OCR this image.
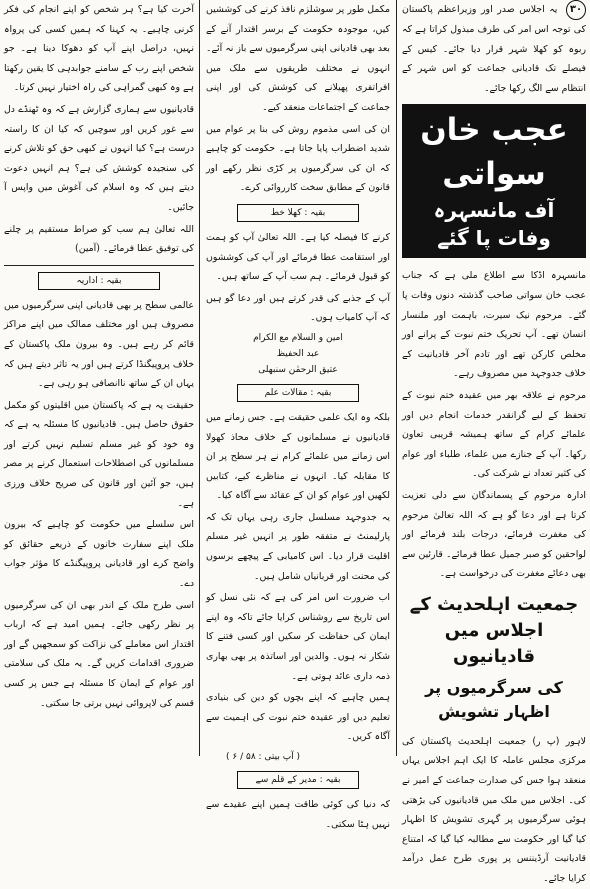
۳۰ یہ اجلاس صدر اور وزیراعظم پاکستان کی توجہ اس امر کی طرف مبذول کراتا ہے کہ ربوہ کو کھلا شہر قرار دیا جائے۔ کیس کے فیصلے تک قادیانی جماعت کو اس شہر کے انتظام سے الگ رکھا جائے۔

عجب خان سواتی
آف مانسہرہ وفات پا گئے

مانسہرہ اڈکا سے اطلاع ملی ہے کہ جناب عجب خان سواتی صاحب گذشتہ دنوں وفات پا گئے۔ مرحوم نیک سیرت، باہمت اور ملنسار انسان تھے۔ آپ تحریک ختم نبوت کے پرانے اور مخلص کارکن تھے اور تادم آخر قادیانیت کے خلاف جدوجہد میں مصروف رہے۔

مرحوم نے علاقہ بھر میں عقیدہ ختم نبوت کے تحفظ کے لیے گرانقدر خدمات انجام دیں اور علمائے کرام کے ساتھ ہمیشہ قریبی تعاون رکھا۔ آپ کے جنازے میں علماء، طلباء اور عوام کی کثیر تعداد نے شرکت کی۔

ادارہ مرحوم کے پسماندگان سے دلی تعزیت کرتا ہے اور دعا گو ہے کہ اللہ تعالیٰ مرحوم کی مغفرت فرمائے، درجات بلند فرمائے اور لواحقین کو صبر جمیل عطا فرمائے۔ قارئین سے بھی دعائے مغفرت کی درخواست ہے۔

جمعیت اہلحدیث کے اجلاس میں قادیانیوں
کی سرگرمیوں پر اظہار تشویش

لاہور (پ ر) جمعیت اہلحدیث پاکستان کی مرکزی مجلس عاملہ کا ایک اہم اجلاس یہاں منعقد ہوا جس کی صدارت جماعت کے امیر نے کی۔ اجلاس میں ملک میں قادیانیوں کی بڑھتی ہوئی سرگرمیوں پر گہری تشویش کا اظہار کیا گیا اور حکومت سے مطالبہ کیا گیا کہ امتناع قادیانیت آرڈیننس پر پوری طرح عمل درآمد کرایا جائے۔

مکمل طور پر سوشلزم نافذ کرنے کی کوششیں کیں، موجودہ حکومت کے برسر اقتدار آنے کے بعد بھی قادیانی اپنی سرگرمیوں سے باز نہ آئے۔ انہوں نے مختلف طریقوں سے ملک میں افراتفری پھیلانے کی کوشش کی اور اپنی جماعت کے اجتماعات منعقد کیے۔

ان کی اسی مذموم روش کی بنا پر عوام میں شدید اضطراب پایا جاتا ہے۔ حکومت کو چاہیے کہ ان کی سرگرمیوں پر کڑی نظر رکھے اور قانون کے مطابق سخت کارروائی کرے۔

بقیہ : کھلا خط

کرنے کا فیصلہ کیا ہے۔ اللہ تعالیٰ آپ کو ہمت اور استقامت عطا فرمائے اور آپ کی کوششوں کو قبول فرمائے۔ ہم سب آپ کے ساتھ ہیں۔

آپ کے جذبے کی قدر کرتے ہیں اور دعا گو ہیں کہ آپ کامیاب ہوں۔

امین و السلام مع الکرام
عبد الحفیظ
عتیق الرحمٰن سنبھلی
بقیہ : مقالات علم

بلکہ وہ ایک علمی حقیقت ہے۔ جس زمانے میں قادیانیوں نے مسلمانوں کے خلاف محاذ کھولا اس زمانے میں علمائے کرام نے ہر سطح پر ان کا مقابلہ کیا۔ انہوں نے مناظرے کیے، کتابیں لکھیں اور عوام کو ان کے عقائد سے آگاہ کیا۔

یہ جدوجہد مسلسل جاری رہی یہاں تک کہ پارلیمنٹ نے متفقہ طور پر انہیں غیر مسلم اقلیت قرار دیا۔ اس کامیابی کے پیچھے برسوں کی محنت اور قربانیاں شامل ہیں۔

اب ضرورت اس امر کی ہے کہ نئی نسل کو اس تاریخ سے روشناس کرایا جائے تاکہ وہ اپنے ایمان کی حفاظت کر سکیں اور کسی فتنے کا شکار نہ ہوں۔ والدین اور اساتذہ پر بھی بھاری ذمہ داری عائد ہوتی ہے۔

ہمیں چاہیے کہ اپنے بچوں کو دین کی بنیادی تعلیم دیں اور عقیدہ ختم نبوت کی اہمیت سے آگاہ کریں۔

( آپ بیتی : ۵۸ / ۶ )
بقیہ : مدیر کے قلم سے

کہ دنیا کی کوئی طاقت ہمیں اپنے عقیدے سے نہیں ہٹا سکتی۔

آخرت کیا ہے؟ ہر شخص کو اپنے انجام کی فکر کرنی چاہیے۔ یہ کہنا کہ ہمیں کسی کی پرواہ نہیں، دراصل اپنے آپ کو دھوکا دینا ہے۔ جو شخص اپنے رب کے سامنے جوابدہی کا یقین رکھتا ہے وہ کبھی گمراہی کی راہ اختیار نہیں کرتا۔

قادیانیوں سے ہماری گزارش ہے کہ وہ ٹھنڈے دل سے غور کریں اور سوچیں کہ کیا ان کا راستہ درست ہے؟ کیا انہوں نے کبھی حق کو تلاش کرنے کی سنجیدہ کوشش کی ہے؟ ہم انہیں دعوت دیتے ہیں کہ وہ اسلام کی آغوش میں واپس آ جائیں۔

اللہ تعالیٰ ہم سب کو صراط مستقیم پر چلنے کی توفیق عطا فرمائے۔ (آمین)

بقیہ : اداریہ

عالمی سطح پر بھی قادیانی اپنی سرگرمیوں میں مصروف ہیں اور مختلف ممالک میں اپنے مراکز قائم کر رہے ہیں۔ وہ بیرون ملک پاکستان کے خلاف پروپیگنڈا کرتے ہیں اور یہ تاثر دیتے ہیں کہ یہاں ان کے ساتھ ناانصافی ہو رہی ہے۔

حقیقت یہ ہے کہ پاکستان میں اقلیتوں کو مکمل حقوق حاصل ہیں۔ قادیانیوں کا مسئلہ یہ ہے کہ وہ خود کو غیر مسلم تسلیم نہیں کرتے اور مسلمانوں کی اصطلاحات استعمال کرنے پر مصر ہیں، جو آئین اور قانون کی صریح خلاف ورزی ہے۔

اس سلسلے میں حکومت کو چاہیے کہ بیرون ملک اپنے سفارت خانوں کے ذریعے حقائق کو واضح کرے اور قادیانی پروپیگنڈے کا مؤثر جواب دے۔

اسی طرح ملک کے اندر بھی ان کی سرگرمیوں پر نظر رکھی جائے۔ ہمیں امید ہے کہ ارباب اقتدار اس معاملے کی نزاکت کو سمجھیں گے اور ضروری اقدامات کریں گے۔ یہ ملک کی سلامتی اور عوام کے ایمان کا مسئلہ ہے جس پر کسی قسم کی لاپروائی نہیں برتی جا سکتی۔
